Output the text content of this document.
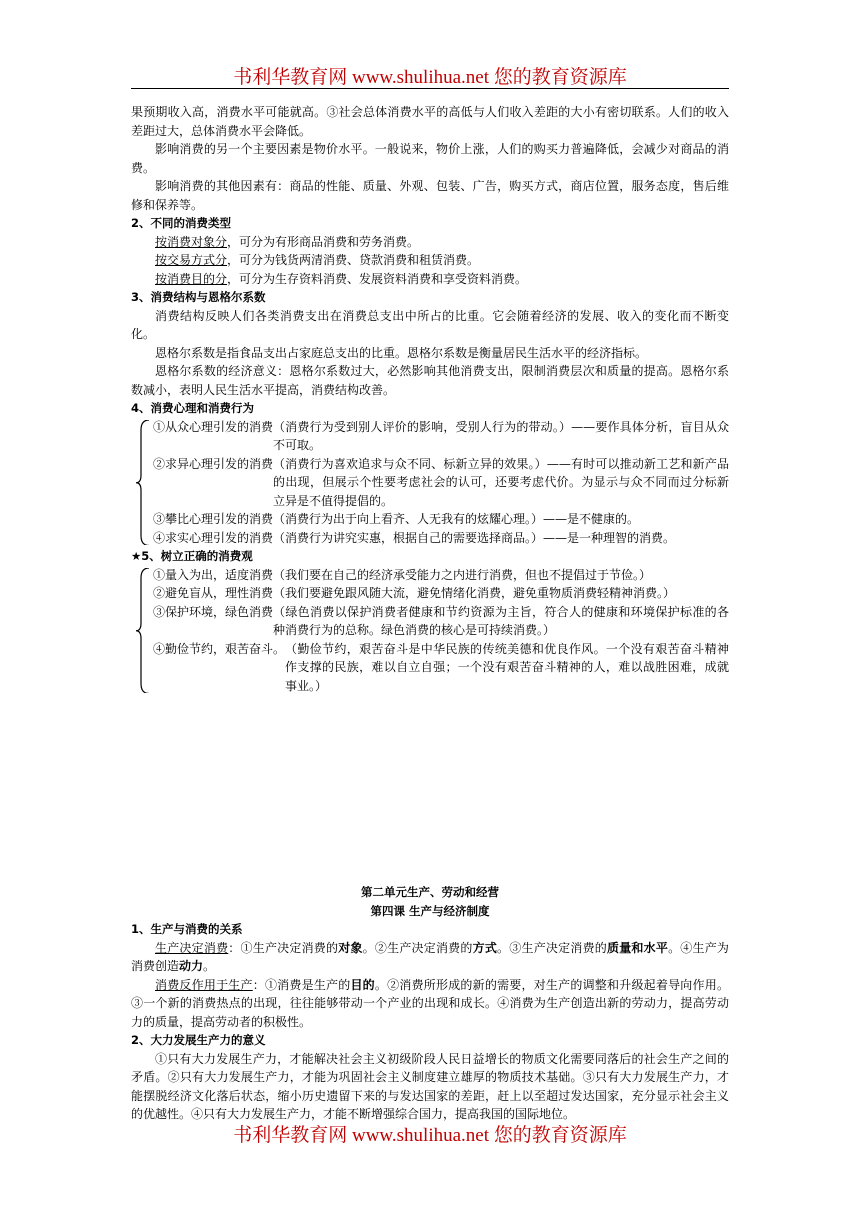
书利华教育网 www.shulihua.net 您的教育资源库

果预期收入高，消费水平可能就高。③社会总体消费水平的高低与人们收入差距的大小有密切联系。人们的收入差距过大，总体消费水平会降低。

影响消费的另一个主要因素是物价水平。一般说来，物价上涨，人们的购买力普遍降低，会减少对商品的消费。

影响消费的其他因素有：商品的性能、质量、外观、包装、广告，购买方式，商店位置，服务态度，售后维修和保养等。

2、不同的消费类型

按消费对象分，可分为有形商品消费和劳务消费。

按交易方式分，可分为钱货两清消费、贷款消费和租赁消费。

按消费目的分，可分为生存资料消费、发展资料消费和享受资料消费。

3、消费结构与恩格尔系数

消费结构反映人们各类消费支出在消费总支出中所占的比重。它会随着经济的发展、收入的变化而不断变化。

恩格尔系数是指食品支出占家庭总支出的比重。恩格尔系数是衡量居民生活水平的经济指标。

恩格尔系数的经济意义：恩格尔系数过大，必然影响其他消费支出，限制消费层次和质量的提高。恩格尔系数减小，表明人民生活水平提高，消费结构改善。

4、消费心理和消费行为

①从众心理引发的消费 （消费行为受到别人评价的影响，受别人行为的带动。）——要作具体分析，盲目从众不可取。
②求异心理引发的消费 （消费行为喜欢追求与众不同、标新立异的效果。）——有时可以推动新工艺和新产品的出现，但展示个性要考虑社会的认可，还要考虑代价。为显示与众不同而过分标新立异是不值得提倡的。
③攀比心理引发的消费 （消费行为出于向上看齐、人无我有的炫耀心理。）——是不健康的。
④求实心理引发的消费 （消费行为讲究实惠，根据自己的需要选择商品。）——是一种理智的消费。

★5、树立正确的消费观

①量入为出，适度消费 （我们要在自己的经济承受能力之内进行消费，但也不提倡过于节俭。）
②避免盲从，理性消费 （我们要避免跟风随大流，避免情绪化消费，避免重物质消费轻精神消费。）
③保护环境，绿色消费 （绿色消费以保护消费者健康和节约资源为主旨，符合人的健康和环境保护标准的各种消费行为的总称。绿色消费的核心是可持续消费。）
④勤俭节约，艰苦奋斗。 （勤俭节约，艰苦奋斗是中华民族的传统美德和优良作风。一个没有艰苦奋斗精神作支撑的民族，难以自立自强；一个没有艰苦奋斗精神的人，难以战胜困难，成就事业。）

第二单元生产、劳动和经营

第四课 生产与经济制度

1、生产与消费的关系

生产决定消费：①生产决定消费的对象。②生产决定消费的方式。③生产决定消费的质量和水平。④生产为消费创造动力。

消费反作用于生产：①消费是生产的目的。②消费所形成的新的需要，对生产的调整和升级起着导向作用。③一个新的消费热点的出现，往往能够带动一个产业的出现和成长。④消费为生产创造出新的劳动力，提高劳动力的质量，提高劳动者的积极性。

2、大力发展生产力的意义

①只有大力发展生产力，才能解决社会主义初级阶段人民日益增长的物质文化需要同落后的社会生产之间的矛盾。②只有大力发展生产力，才能为巩固社会主义制度建立雄厚的物质技术基础。③只有大力发展生产力，才能摆脱经济文化落后状态，缩小历史遗留下来的与发达国家的差距，赶上以至超过发达国家，充分显示社会主义的优越性。④只有大力发展生产力，才能不断增强综合国力，提高我国的国际地位。

书利华教育网 www.shulihua.net 您的教育资源库
